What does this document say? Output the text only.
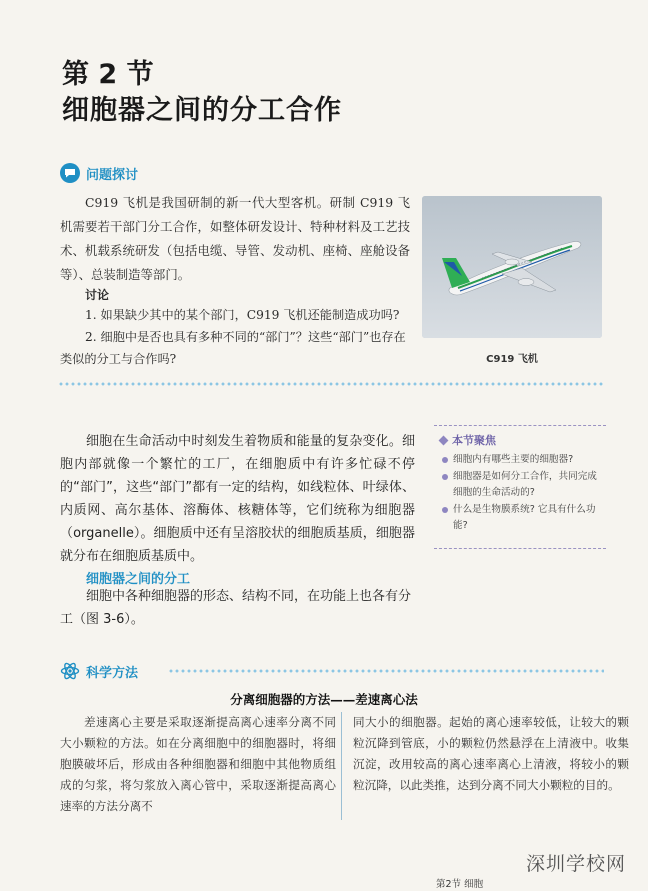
第 2 节
细胞器之间的分工合作
问题探讨
C919 飞机是我国研制的新一代大型客机。研制 C919 飞机需要若干部门分工合作，如整体研发设计、特种材料及工艺技术、机载系统研发（包括电缆、导管、发动机、座椅、座舱设备等）、总装制造等部门。
讨论
1. 如果缺少其中的某个部门，C919 飞机还能制造成功吗?
2. 细胞中是否也具有多种不同的“部门”？这些“部门”也存在类似的分工与合作吗?	C919 飞机
细胞在生命活动中时刻发生着物质和能量的复杂变化。细胞内部就像一个繁忙的工厂，在细胞质中有许多忙碌不停的“部门”，这些“部门”都有一定的结构，如线粒体、叶绿体、内质网、高尔基体、溶酶体、核糖体等，它们统称为细胞器（organelle）。细胞质中还有呈溶胶状的细胞质基质，细胞器就分布在细胞质基质中。
本节聚焦
细胞内有哪些主要的细胞器?
细胞器是如何分工合作，共同完成细胞的生命活动的?
什么是生物膜系统? 它具有什么功能?
细胞器之间的分工
细胞中各种细胞器的形态、结构不同，在功能上也各有分工（图 3-6）。
科学方法
分离细胞器的方法——差速离心法
差速离心主要是采取逐渐提高离心速率分离不同大小颗粒的方法。如在分离细胞中的细胞器时，将细胞膜破坏后，形成由各种细胞器和细胞中其他物质组成的匀浆，将匀浆放入离心管中，采取逐渐提高离心速率的方法分离不
同大小的细胞器。起始的离心速率较低，让较大的颗粒沉降到管底，小的颗粒仍然悬浮在上清液中。收集沉淀，改用较高的离心速率离心上清液，将较小的颗粒沉降，以此类推，达到分离不同大小颗粒的目的。
深圳学校网
第2节 细胞
